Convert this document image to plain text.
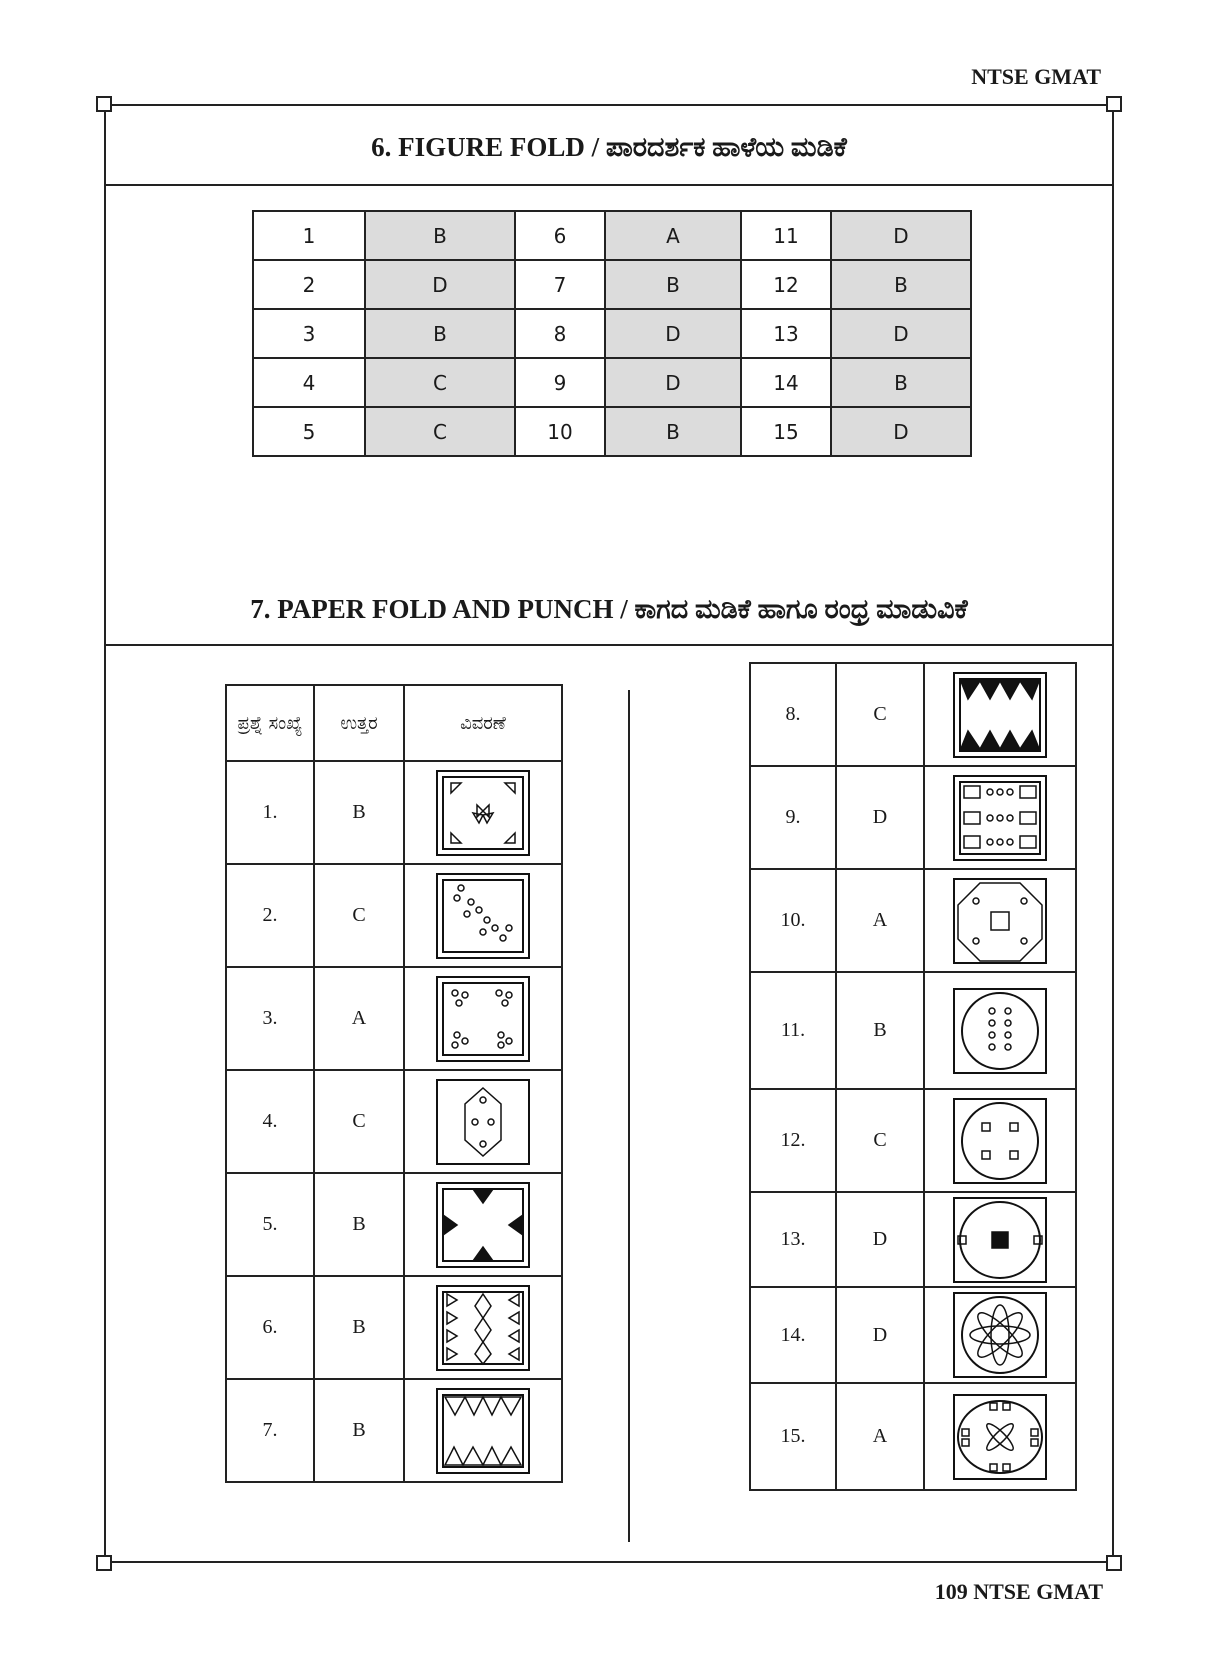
NTSE GMAT
6. FIGURE FOLD / ಪಾರದರ್ಶಕ ಹಾಳೆಯ ಮಡಿಕೆ
1	B	6	A	11	D
2	D	7	B	12	B
3	B	8	D	13	D
4	C	9	D	14	B
5	C	10	B	15	D
7. PAPER FOLD AND PUNCH / ಕಾಗದ ಮಡಿಕೆ ಹಾಗೂ ರಂಧ್ರ ಮಾಡುವಿಕೆ
ಪ್ರಶ್ನೆ ಸಂಖ್ಯೆ	ಉತ್ತರ	ವಿವರಣೆ
1.	B	

2.	C	

3.	A	

4.	C	

5.	B	

6.	B	

7.	B	
8.	C	

9.	D	

10.	A	

11.	B	

12.	C	

13.	D	

14.	D	

15.	A	
109 NTSE GMAT
